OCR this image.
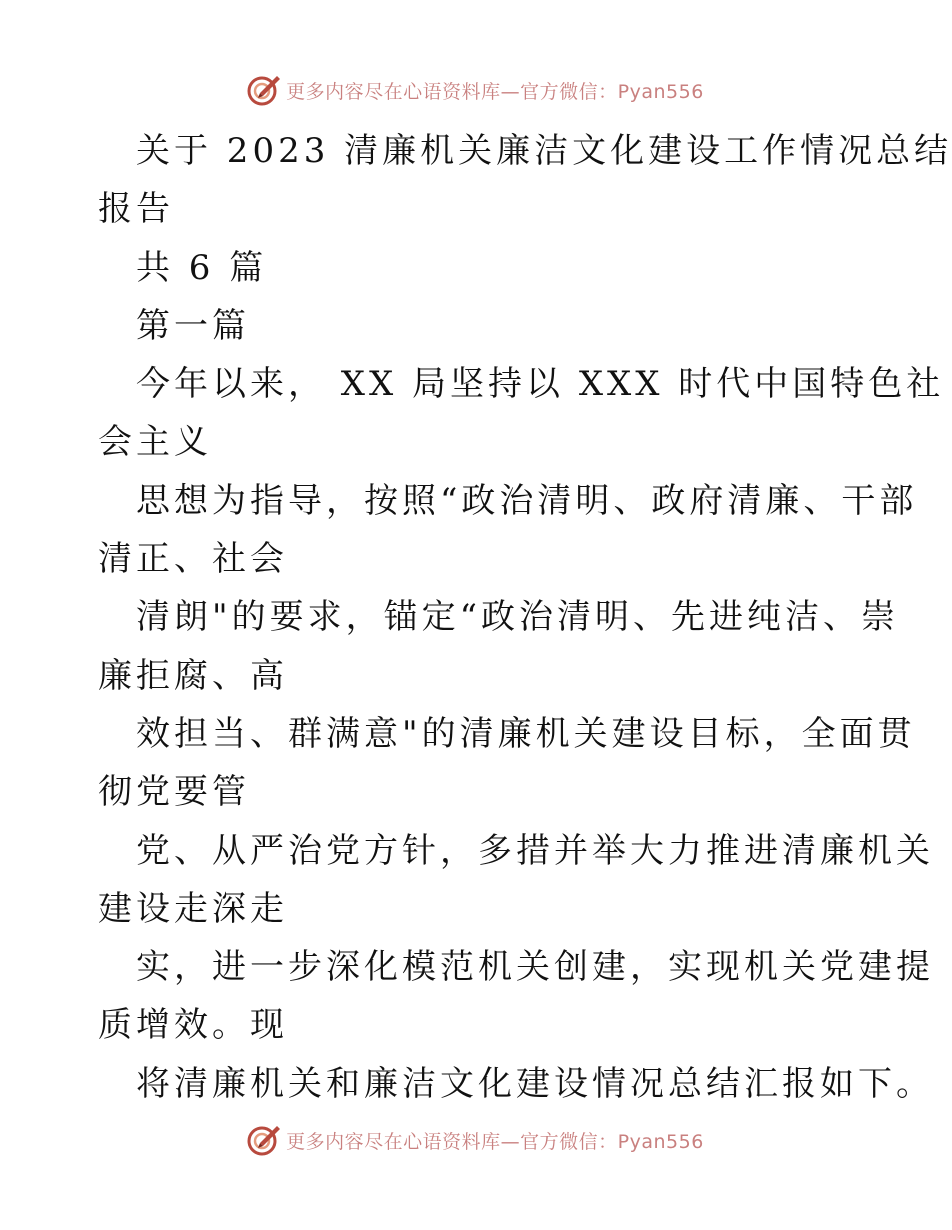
更多内容尽在心语资料库—官方微信：Pyan556
关于 2023 清廉机关廉洁文化建设工作情况总结
报告
共 6 篇
第一篇
今年以来， XX 局坚持以 XXX 时代中国特色社
会主义
思想为指导，按照“政治清明、政府清廉、干部
清正、社会
清朗"的要求，锚定“政治清明、先进纯洁、崇
廉拒腐、高
效担当、群满意"的清廉机关建设目标，全面贯
彻党要管
党、从严治党方针，多措并举大力推进清廉机关
建设走深走
实，进一步深化模范机关创建，实现机关党建提
质增效。现
将清廉机关和廉洁文化建设情况总结汇报如下。
更多内容尽在心语资料库—官方微信：Pyan556
